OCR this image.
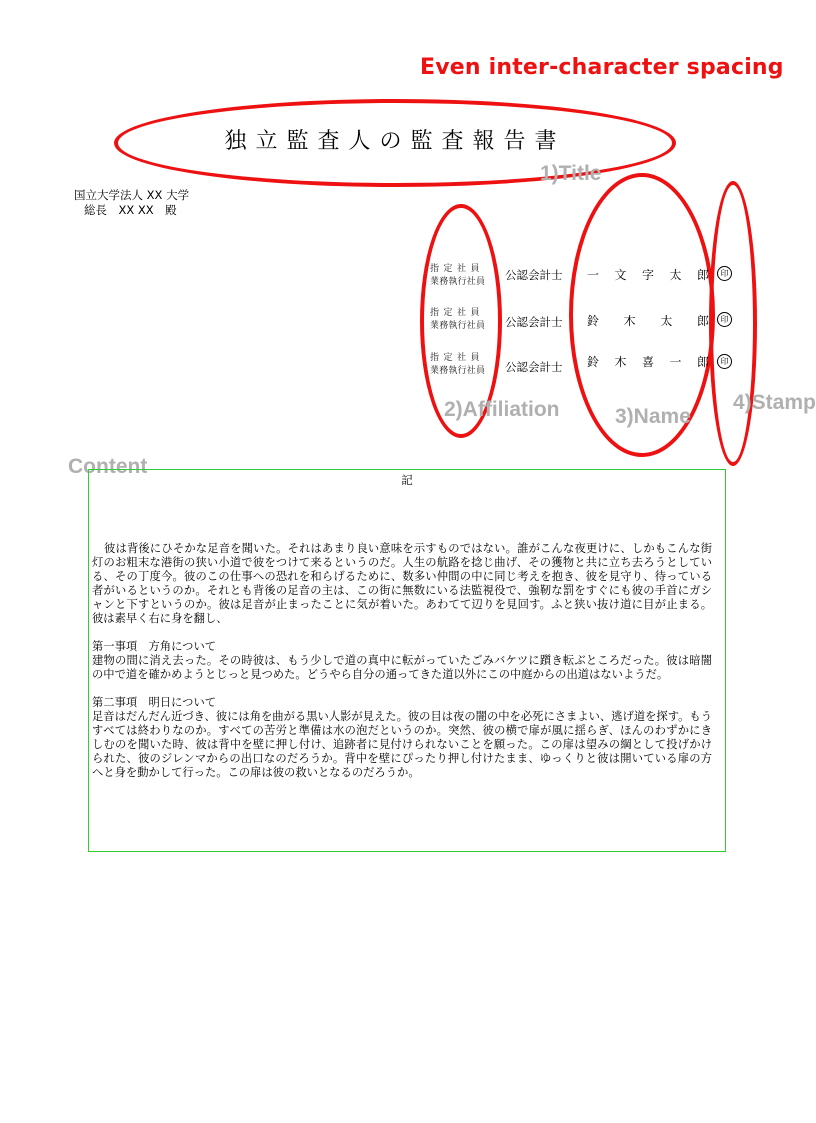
Even inter-character spacing
1)Title
2)Affiliation	3)Name
4)Stamp
Content
独立監査人の監査報告書
国立大学法人 XX 大学
総長　XX XX　殿
指定社員
業務執行社員	公認会計士 一 文 字 太 郎	印
指定社員
業務執行社員	公認会計士 鈴 木 太 郎	印
指定社員
業務執行社員	公認会計士 鈴 木 喜 一 郎	印
記

彼は背後にひそかな足音を聞いた。それはあまり良い意味を示すものではない。誰がこんな夜更けに、しかもこんな街灯のお粗末な港街の狭い小道で彼をつけて来るというのだ。人生の航路を捻じ曲げ、その獲物と共に立ち去ろうとしている、その丁度今。彼のこの仕事への恐れを和らげるために、数多い仲間の中に同じ考えを抱き、彼を見守り、待っている者がいるというのか。それとも背後の足音の主は、この街に無数にいる法監視役で、強靭な罰をすぐにも彼の手首にガシャンと下すというのか。彼は足音が止まったことに気が着いた。あわてて辺りを見回す。ふと狭い抜け道に目が止まる。彼は素早く右に身を翻し、

第一事項　方角について

建物の間に消え去った。その時彼は、もう少しで道の真中に転がっていたごみバケツに躓き転ぶところだった。彼は暗闇の中で道を確かめようとじっと見つめた。どうやら自分の通ってきた道以外にこの中庭からの出道はないようだ。

第二事項　明日について

足音はだんだん近づき、彼には角を曲がる黒い人影が見えた。彼の目は夜の闇の中を必死にさまよい、逃げ道を探す。もうすべては終わりなのか。すべての苦労と準備は水の泡だというのか。突然、彼の横で扉が風に揺らぎ、ほんのわずかにきしむのを聞いた時、彼は背中を壁に押し付け、追跡者に見付けられないことを願った。この扉は望みの綱として投げかけられた、彼のジレンマからの出口なのだろうか。背中を壁にぴったり押し付けたまま、ゆっくりと彼は開いている扉の方へと身を動かして行った。この扉は彼の救いとなるのだろうか。
